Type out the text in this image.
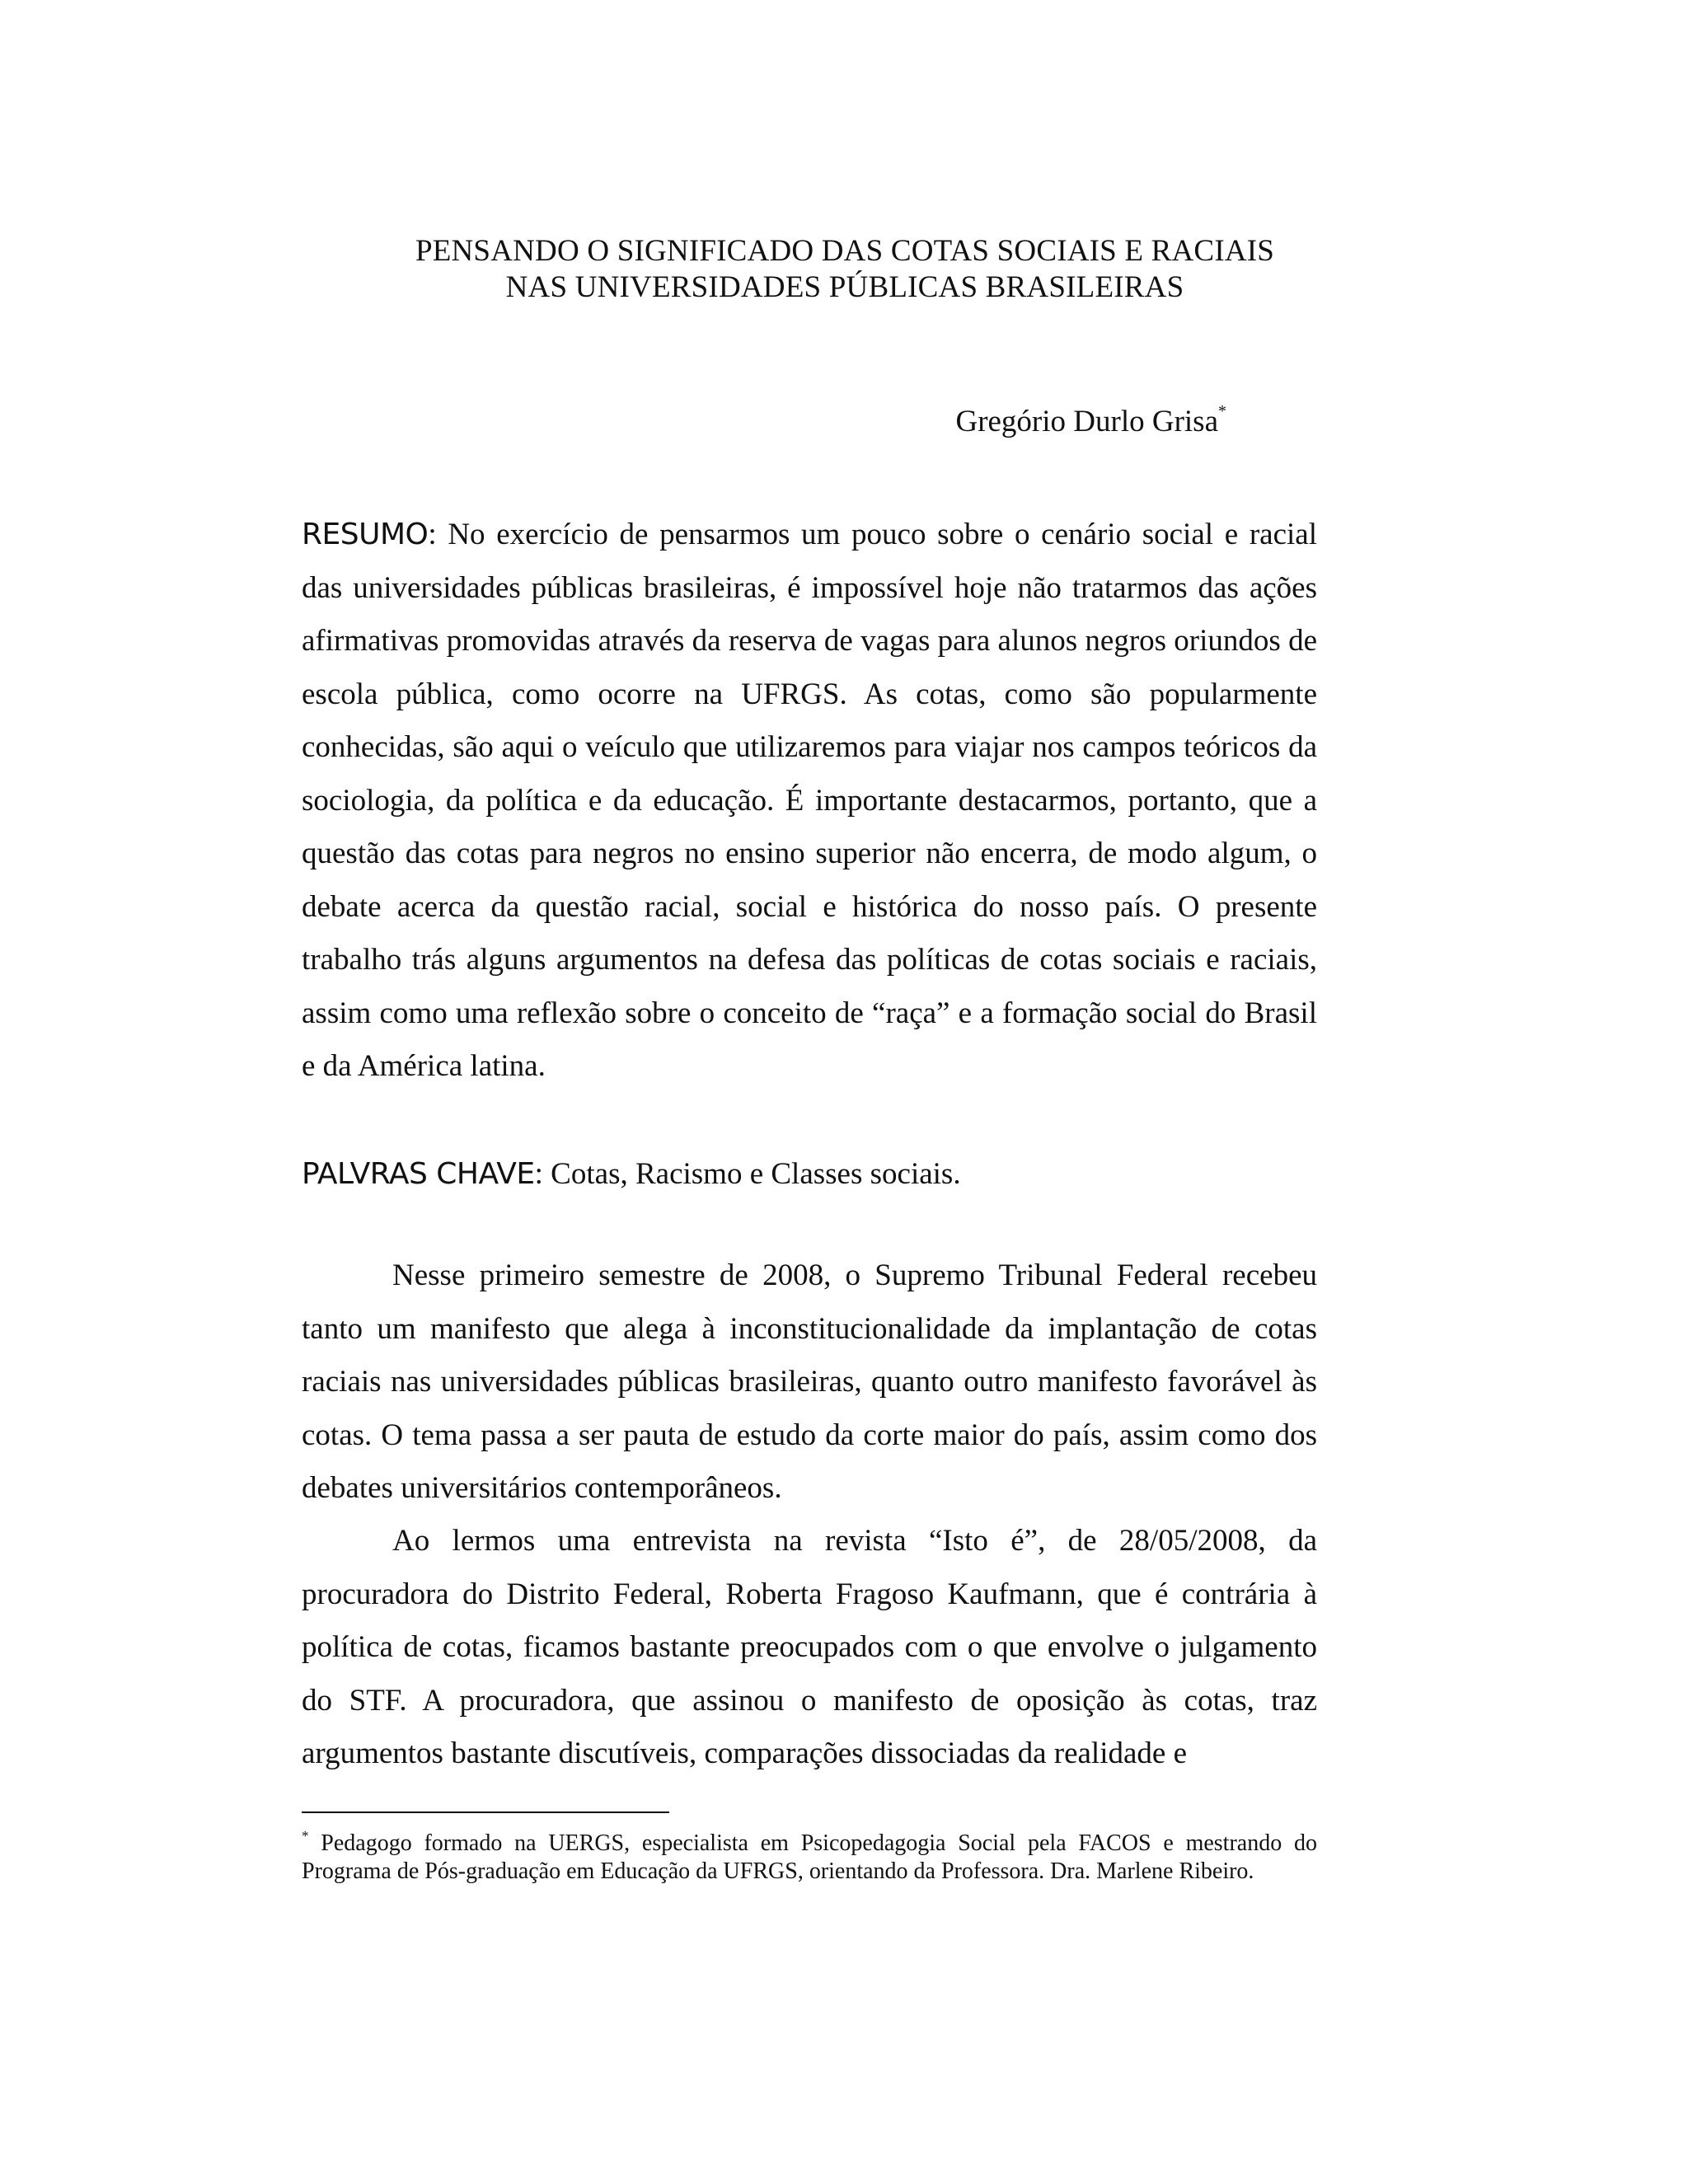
PENSANDO O SIGNIFICADO DAS COTAS SOCIAIS E RACIAIS
NAS UNIVERSIDADES PÚBLICAS BRASILEIRAS
Gregório Durlo Grisa*
RESUMO: No exercício de pensarmos um pouco sobre o cenário social e racial das universidades públicas brasileiras, é impossível hoje não tratarmos das ações afirmativas promovidas através da reserva de vagas para alunos negros oriundos de escola pública, como ocorre na UFRGS. As cotas, como são popularmente conhecidas, são aqui o veículo que utilizaremos para viajar nos campos teóricos da sociologia, da política e da educação. É importante destacarmos, portanto, que a questão das cotas para negros no ensino superior não encerra, de modo algum, o debate acerca da questão racial, social e histórica do nosso país. O presente trabalho trás alguns argumentos na defesa das políticas de cotas sociais e raciais, assim como uma reflexão sobre o conceito de “raça” e a formação social do Brasil e da América latina.
PALVRAS CHAVE: Cotas, Racismo e Classes sociais.
Nesse primeiro semestre de 2008, o Supremo Tribunal Federal recebeu tanto um manifesto que alega à inconstitucionalidade da implantação de cotas raciais nas universidades públicas brasileiras, quanto outro manifesto favorável às cotas. O tema passa a ser pauta de estudo da corte maior do país, assim como dos debates universitários contemporâneos.
Ao lermos uma entrevista na revista “Isto é”, de 28/05/2008, da procuradora do Distrito Federal, Roberta Fragoso Kaufmann, que é contrária à política de cotas, ficamos bastante preocupados com o que envolve o julgamento do STF. A procuradora, que assinou o manifesto de oposição às cotas, traz argumentos bastante discutíveis, comparações dissociadas da realidade e
* Pedagogo formado na UERGS, especialista em Psicopedagogia Social pela FACOS e mestrando do Programa de Pós-graduação em Educação da UFRGS, orientando da Professora. Dra. Marlene Ribeiro.
